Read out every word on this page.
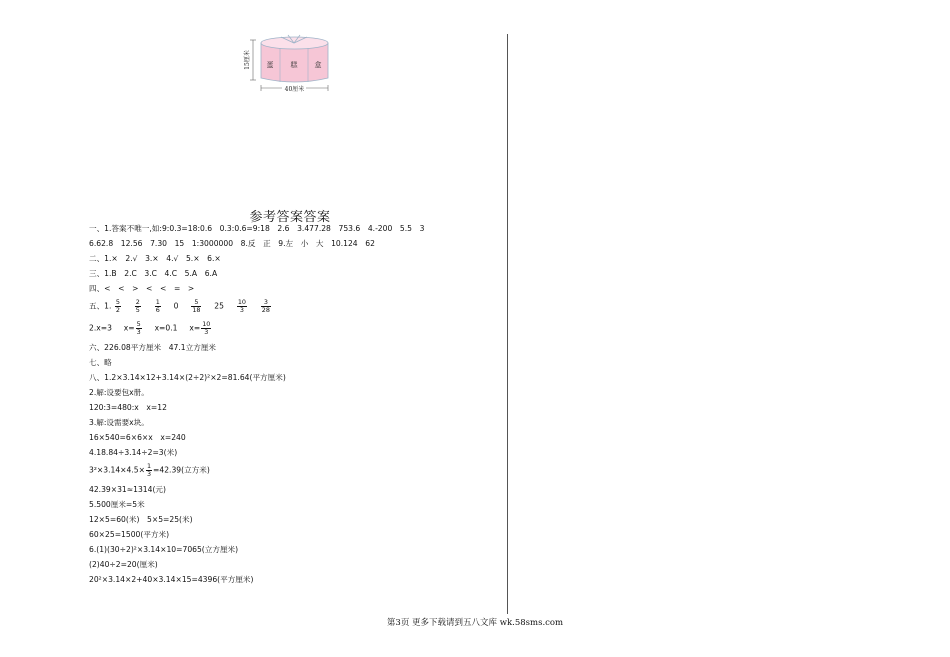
蛋 糕 盒
15厘米
40厘米
参考答案答案
一、1.答案不唯一,如:9:0.3=18:0.6　0.3:0.6=9:18　2.6　3.477.28　753.6　4.-200　5.5　3
6.62.8　12.56　7.30　15　1:3000000　8.反　正　9.左　小　大　10.124　62
二、1.×　2.√　3.×　4.√　5.×　6.×
三、1.B　2.C　3.C　4.C　5.A　6.A
四、<　<　>　<　<　=　>
五、1. $\frac{5}{2}$
$\frac{2}{5}$
$\frac{1}{6} 0 \frac{5}{18} 25 \frac{10}{3}$
$\frac{3}{28}$
2.x=3 $x= \frac{5}{3} x=0.1$ $x= \frac{10}{3}$
六、226.08平方厘米　47.1立方厘米
七、略
八、1.2×3.14×12+3.14×(2÷2)²×2=81.64(平方厘米)
2.解:设要包x册。
120:3=480:x　x=12
3.解:设需要x块。
16×540=6×6×x　x=240
4.18.84÷3.14÷2=3(米)
$3^2\times 3.14\times 4.5\times \frac{1}{3} =42.39$(立方米)
42.39×31≈1314(元)
5.500厘米=5米
12×5=60(米)　5×5=25(米)
60×25=1500(平方米)
6.(1)(30÷2)²×3.14×10=7065(立方厘米)
(2)40÷2=20(厘米)
20²×3.14×2+40×3.14×15=4396(平方厘米)
第3页 更多下载请到五八文库 wk.58sms.com
